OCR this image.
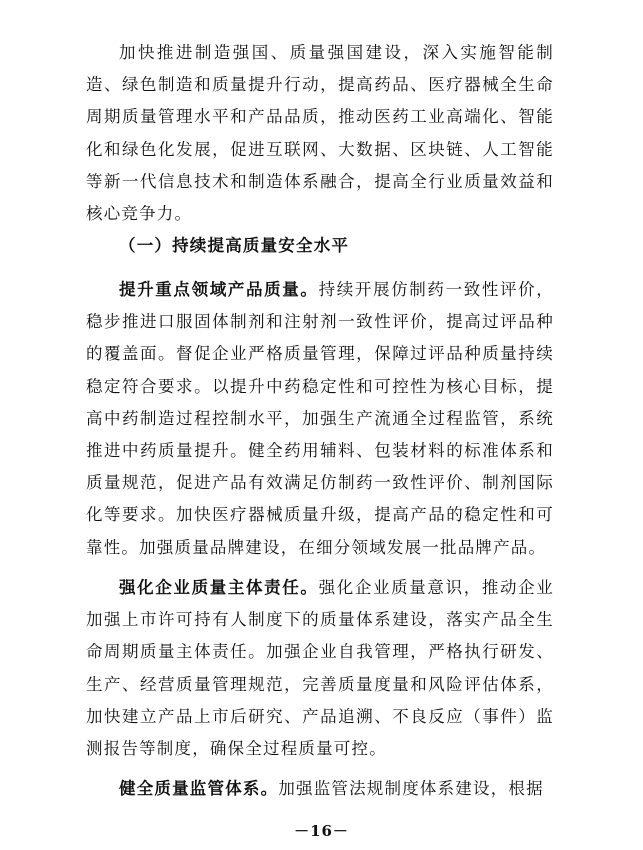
加快推进制造强国、质量强国建设，深入实施智能制造、绿色制造和质量提升行动，提高药品、医疗器械全生命周期质量管理水平和产品品质，推动医药工业高端化、智能化和绿色化发展，促进互联网、大数据、区块链、人工智能等新一代信息技术和制造体系融合，提高全行业质量效益和核心竞争力。

（一）持续提高质量安全水平

提升重点领域产品质量。持续开展仿制药一致性评价，稳步推进口服固体制剂和注射剂一致性评价，提高过评品种的覆盖面。督促企业严格质量管理，保障过评品种质量持续稳定符合要求。以提升中药稳定性和可控性为核心目标，提高中药制造过程控制水平，加强生产流通全过程监管，系统推进中药质量提升。健全药用辅料、包装材料的标准体系和质量规范，促进产品有效满足仿制药一致性评价、制剂国际化等要求。加快医疗器械质量升级，提高产品的稳定性和可靠性。加强质量品牌建设，在细分领域发展一批品牌产品。

强化企业质量主体责任。强化企业质量意识，推动企业加强上市许可持有人制度下的质量体系建设，落实产品全生命周期质量主体责任。加强企业自我管理，严格执行研发、生产、经营质量管理规范，完善质量度量和风险评估体系，加快建立产品上市后研究、产品追溯、不良反应（事件）监测报告等制度，确保全过程质量可控。

健全质量监管体系。加强监管法规制度体系建设，根据

－16－
